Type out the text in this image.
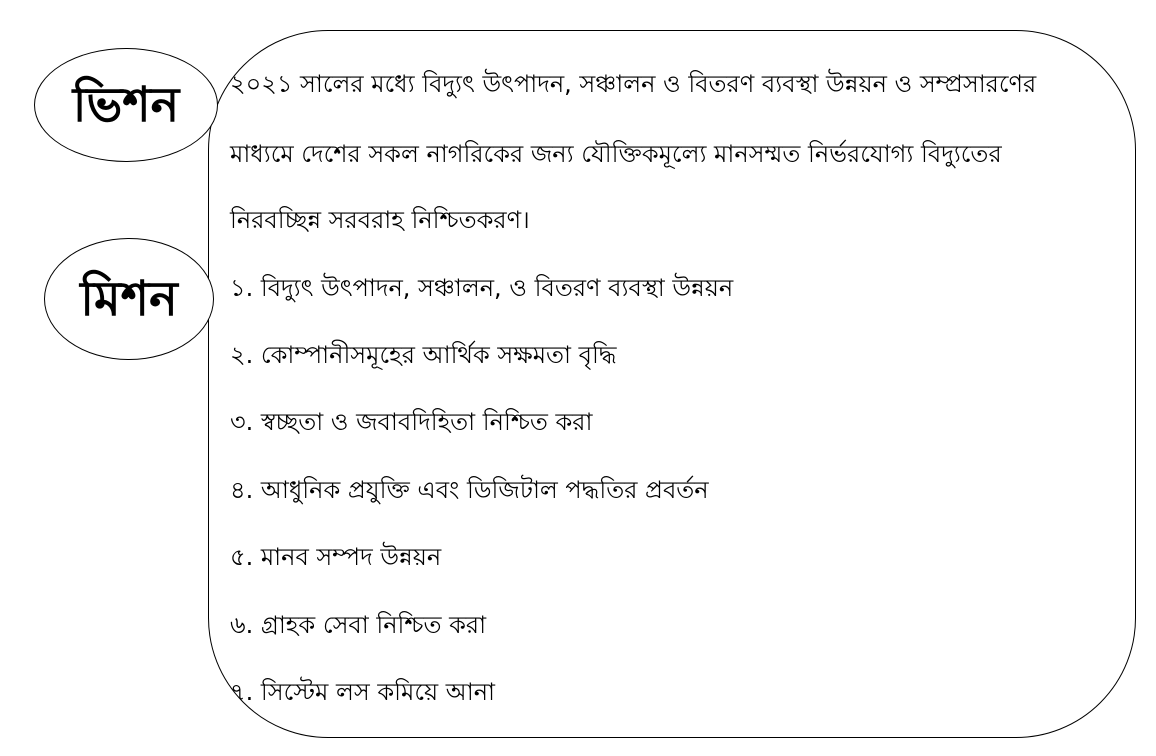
ভিশন
মিশন
২০২১ সালের মধ্যে বিদ্যুৎ উৎপাদন, সঞ্চালন ও বিতরণ ব্যবস্থা উন্নয়ন ও সম্প্রসারণের
মাধ্যমে দেশের সকল নাগরিকের জন্য যৌক্তিকমূল্যে মানসম্মত নির্ভরযোগ্য বিদ্যুতের
নিরবচ্ছিন্ন সরবরাহ নিশ্চিতকরণ।
১. বিদ্যুৎ উৎপাদন, সঞ্চালন, ও বিতরণ ব্যবস্থা উন্নয়ন
২. কোম্পানীসমূহের আর্থিক সক্ষমতা বৃদ্ধি
৩. স্বচ্ছতা ও জবাবদিহিতা নিশ্চিত করা
৪. আধুনিক প্রযুক্তি এবং ডিজিটাল পদ্ধতির প্রবর্তন
৫. মানব সম্পদ উন্নয়ন
৬. গ্রাহক সেবা নিশ্চিত করা
৭. সিস্টেম লস কমিয়ে আনা
